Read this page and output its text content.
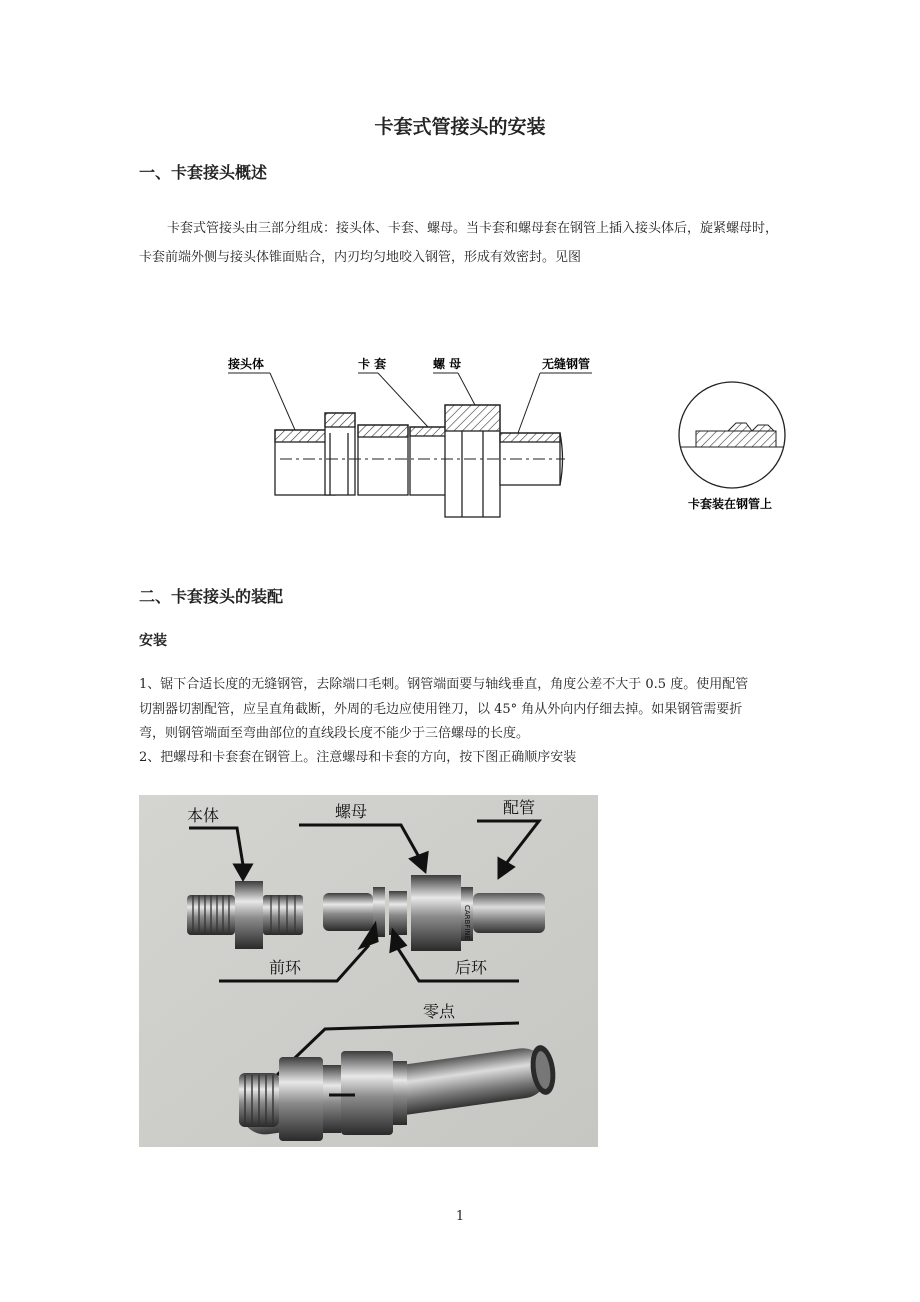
卡套式管接头的安装
一、卡套接头概述
卡套式管接头由三部分组成：接头体、卡套、螺母。当卡套和螺母套在钢管上插入接头体后，旋紧螺母时，卡套前端外侧与接头体锥面贴合，内刃均匀地咬入钢管，形成有效密封。见图
接头体	卡 套	螺 母	无缝钢管
卡套装在钢管上
二、卡套接头的装配
安装
1、锯下合适长度的无缝钢管，去除端口毛刺。钢管端面要与轴线垂直，角度公差不大于 0.5 度。使用配管
切割器切割配管，应呈直角截断，外周的毛边应使用锉刀，以 45° 角从外向内仔细去掉。如果钢管需要折
弯，则钢管端面至弯曲部位的直线段长度不能少于三倍螺母的长度。
2、把螺母和卡套套在钢管上。注意螺母和卡套的方向，按下图正确顺序安装
CARBFINE
本体	螺母	配管
前环	后环
零点
1
